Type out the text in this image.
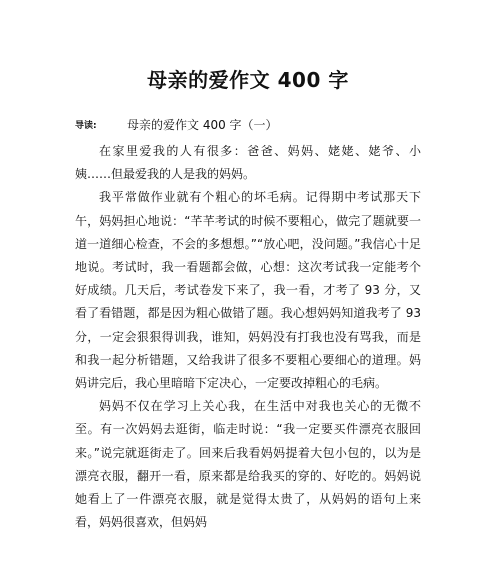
母亲的爱作文 400 字
导读:	母亲的爱作文 400 字（一）

在家里爱我的人有很多：爸爸、妈妈、姥姥、姥爷、小姨……但最爱我的人是我的妈妈。

我平常做作业就有个粗心的坏毛病。记得期中考试那天下午，妈妈担心地说：“芊芊考试的时候不要粗心，做完了题就要一道一道细心检查，不会的多想想。”“放心吧，没问题。”我信心十足地说。考试时，我一看题都会做，心想：这次考试我一定能考个好成绩。几天后，考试卷发下来了，我一看，才考了 93 分，又看了看错题，都是因为粗心做错了题。我心想妈妈知道我考了 93 分，一定会狠狠得训我，谁知，妈妈没有打我也没有骂我，而是和我一起分析错题，又给我讲了很多不要粗心要细心的道理。妈妈讲完后，我心里暗暗下定决心，一定要改掉粗心的毛病。

妈妈不仅在学习上关心我，在生活中对我也关心的无微不至。有一次妈妈去逛街，临走时说：“我一定要买件漂亮衣服回来。”说完就逛街走了。回来后我看妈妈提着大包小包的，以为是漂亮衣服，翻开一看，原来都是给我买的穿的、好吃的。妈妈说她看上了一件漂亮衣服，就是觉得太贵了，从妈妈的语句上来看，妈妈很喜欢，但妈妈
